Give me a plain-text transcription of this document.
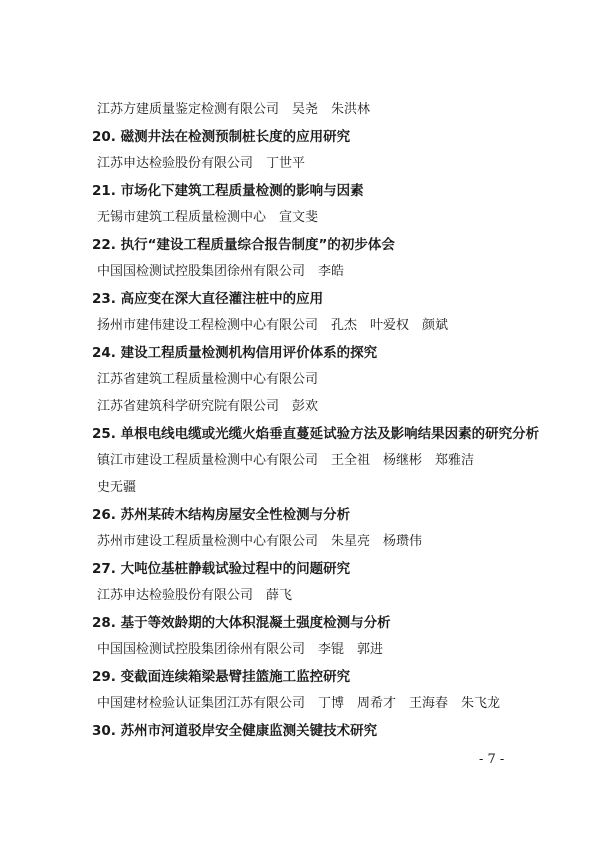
江苏方建质量鉴定检测有限公司　吴尧　朱洪林
20. 磁测井法在检测预制桩长度的应用研究
江苏申达检验股份有限公司　丁世平
21. 市场化下建筑工程质量检测的影响与因素
无锡市建筑工程质量检测中心　宣文斐
22. 执行“建设工程质量综合报告制度”的初步体会
中国国检测试控股集团徐州有限公司　李皓
23. 高应变在深大直径灌注桩中的应用
扬州市建伟建设工程检测中心有限公司　孔杰　叶爱权　颜斌
24. 建设工程质量检测机构信用评价体系的探究
江苏省建筑工程质量检测中心有限公司
江苏省建筑科学研究院有限公司　彭欢
25. 单根电线电缆或光缆火焰垂直蔓延试验方法及影响结果因素的研究分析
镇江市建设工程质量检测中心有限公司　王全祖　杨继彬　郑雅洁
史无疆
26. 苏州某砖木结构房屋安全性检测与分析
苏州市建设工程质量检测中心有限公司　朱星亮　杨瓒伟
27. 大吨位基桩静载试验过程中的问题研究
江苏申达检验股份有限公司　薛飞
28. 基于等效龄期的大体积混凝土强度检测与分析
中国国检测试控股集团徐州有限公司　李锟　郭进
29. 变截面连续箱梁悬臂挂篮施工监控研究
中国建材检验认证集团江苏有限公司　丁博　周希才　王海春　朱飞龙
30. 苏州市河道驳岸安全健康监测关键技术研究
- 7 -
